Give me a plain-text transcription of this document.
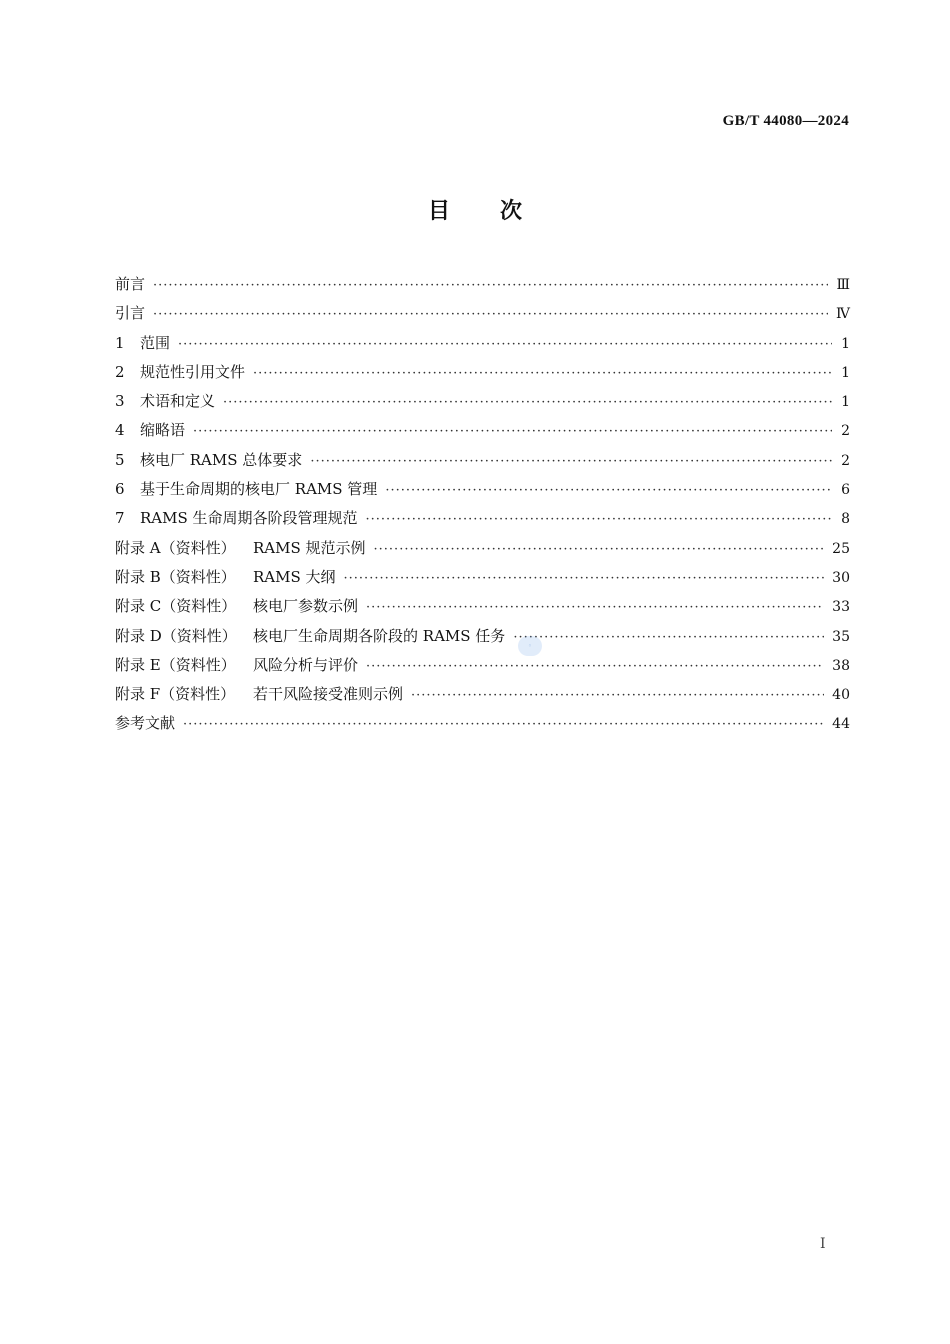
GB/T 44080—2024
目次
前言 ·····	Ⅲ
引言 ·····	Ⅳ
1	范围 ·····	1
2	规范性引用文件 ·····	1
3	术语和定义 ·····	1
4	缩略语 ·····	2
5	核电厂 RAMS 总体要求 ·····	2
6	基于生命周期的核电厂 RAMS 管理 ·····	6
7	RAMS 生命周期各阶段管理规范 ·····	8
附录 A（资料性）	RAMS 规范示例 ·····	25
附录 B（资料性）	RAMS 大纲 ·····	30
附录 C（资料性）	核电厂参数示例 ·····	33
附录 D（资料性）	核电厂生命周期各阶段的 RAMS 任务 ·····	35
附录 E（资料性）	风险分析与评价 ·····	38
附录 F（资料性）	若干风险接受准则示例 ·····	40
参考文献 ·····	44
◦
I
